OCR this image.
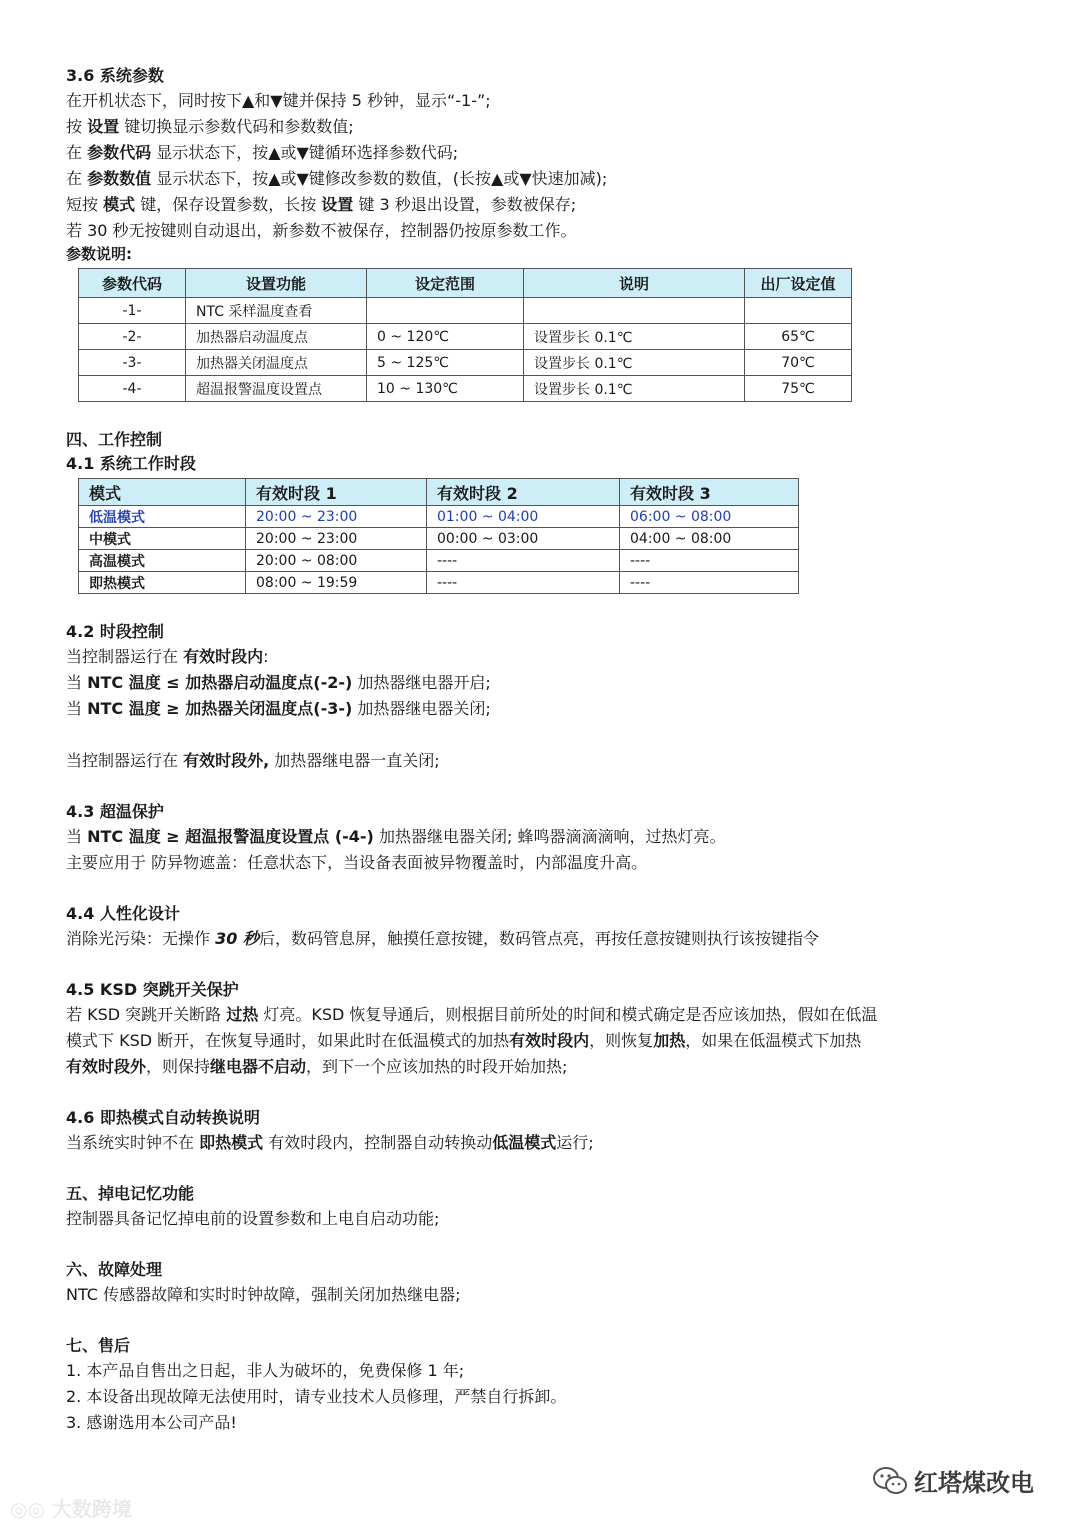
3.6 系统参数
在开机状态下，同时按下▲和▼键并保持 5 秒钟，显示“-1-”;
按 设置 键切换显示参数代码和参数数值;
在 参数代码 显示状态下，按▲或▼键循环选择参数代码;
在 参数数值 显示状态下，按▲或▼键修改参数的数值，(长按▲或▼快速加减);
短按 模式 键，保存设置参数，长按 设置 键 3 秒退出设置，参数被保存;
若 30 秒无按键则自动退出，新参数不被保存，控制器仍按原参数工作。
参数说明:
参数代码	设置功能	设定范围	说明	出厂设定值
-1-	NTC 采样温度查看			
-2-	加热器启动温度点	0 ~ 120℃	设置步长 0.1℃	65℃
-3-	加热器关闭温度点	5 ~ 125℃	设置步长 0.1℃	70℃
-4-	超温报警温度设置点	10 ~ 130℃	设置步长 0.1℃	75℃
四、工作控制
4.1 系统工作时段
模式	有效时段 1	有效时段 2	有效时段 3
低温模式	20:00 ~ 23:00	01:00 ~ 04:00	06:00 ~ 08:00
中模式	20:00 ~ 23:00	00:00 ~ 03:00	04:00 ~ 08:00
高温模式	20:00 ~ 08:00	----	----
即热模式	08:00 ~ 19:59	----	----
4.2 时段控制
当控制器运行在 有效时段内:
当 NTC 温度 ≤ 加热器启动温度点(-2-) 加热器继电器开启;
当 NTC 温度 ≥ 加热器关闭温度点(-3-) 加热器继电器关闭;
当控制器运行在 有效时段外, 加热器继电器一直关闭;
4.3 超温保护
当 NTC 温度 ≥ 超温报警温度设置点 (-4-) 加热器继电器关闭; 蜂鸣器滴滴滴响，过热灯亮。
主要应用于 防异物遮盖：任意状态下，当设备表面被异物覆盖时，内部温度升高。
4.4 人性化设计
消除光污染：无操作 30 秒后，数码管息屏，触摸任意按键，数码管点亮，再按任意按键则执行该按键指令
4.5 KSD 突跳开关保护
若 KSD 突跳开关断路 过热 灯亮。KSD 恢复导通后，则根据目前所处的时间和模式确定是否应该加热，假如在低温
模式下 KSD 断开，在恢复导通时，如果此时在低温模式的加热有效时段内，则恢复加热，如果在低温模式下加热
有效时段外，则保持继电器不启动，到下一个应该加热的时段开始加热;
4.6 即热模式自动转换说明
当系统实时钟不在 即热模式 有效时段内，控制器自动转换动低温模式运行;
五、掉电记忆功能
控制器具备记忆掉电前的设置参数和上电自启动功能;
六、故障处理
NTC 传感器故障和实时时钟故障，强制关闭加热继电器;
七、售后
1. 本产品自售出之日起，非人为破坏的，免费保修 1 年;
2. 本设备出现故障无法使用时，请专业技术人员修理，严禁自行拆卸。
3. 感谢选用本公司产品!
◎◎ 大数跨境
红塔煤改电
